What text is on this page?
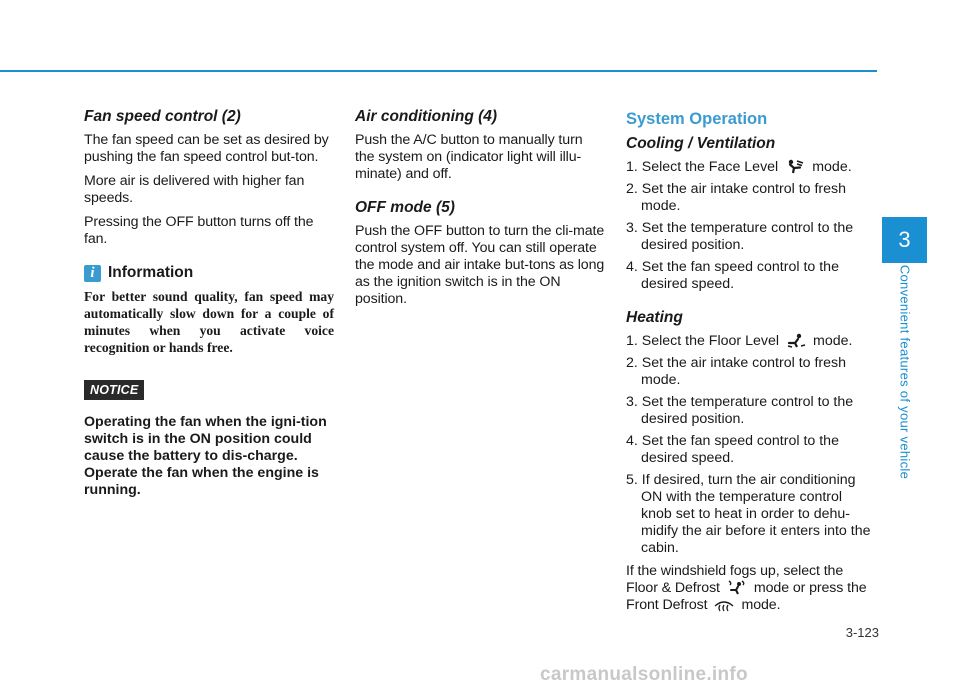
Fan speed control (2)

The fan speed can be set as desired by pushing the fan speed control but-ton.

More air is delivered with higher fan speeds.

Pressing the OFF button turns off the fan.

i Information

For better sound quality, fan speed may automatically slow down for a couple of minutes when you activate voice recognition or hands free.

NOTICE

Operating the fan when the igni-tion switch is in the ON position could cause the battery to dis-charge. Operate the fan when the engine is running.

Air conditioning (4)

Push the A/C button to manually turn the system on (indicator light will illu-minate) and off.

OFF mode (5)

Push the OFF button to turn the cli-mate control system off. You can still operate the mode and air intake but-tons as long as the ignition switch is in the ON position.

System Operation
Cooling / Ventilation
1. Select the Face Level mode.
2. Set the air intake control to fresh mode.
3. Set the temperature control to the desired position.
4. Set the fan speed control to the desired speed.
Heating
1. Select the Floor Level mode.
2. Set the air intake control to fresh mode.
3. Set the temperature control to the desired position.
4. Set the fan speed control to the desired speed.
5. If desired, turn the air conditioning ON with the temperature control knob set to heat in order to dehu-midify the air before it enters into the cabin.

If the windshield fogs up, select the Floor & Defrost mode or press the Front Defrost mode.

3
Convenient features of your vehicle
3-123
carmanualsonline.info
